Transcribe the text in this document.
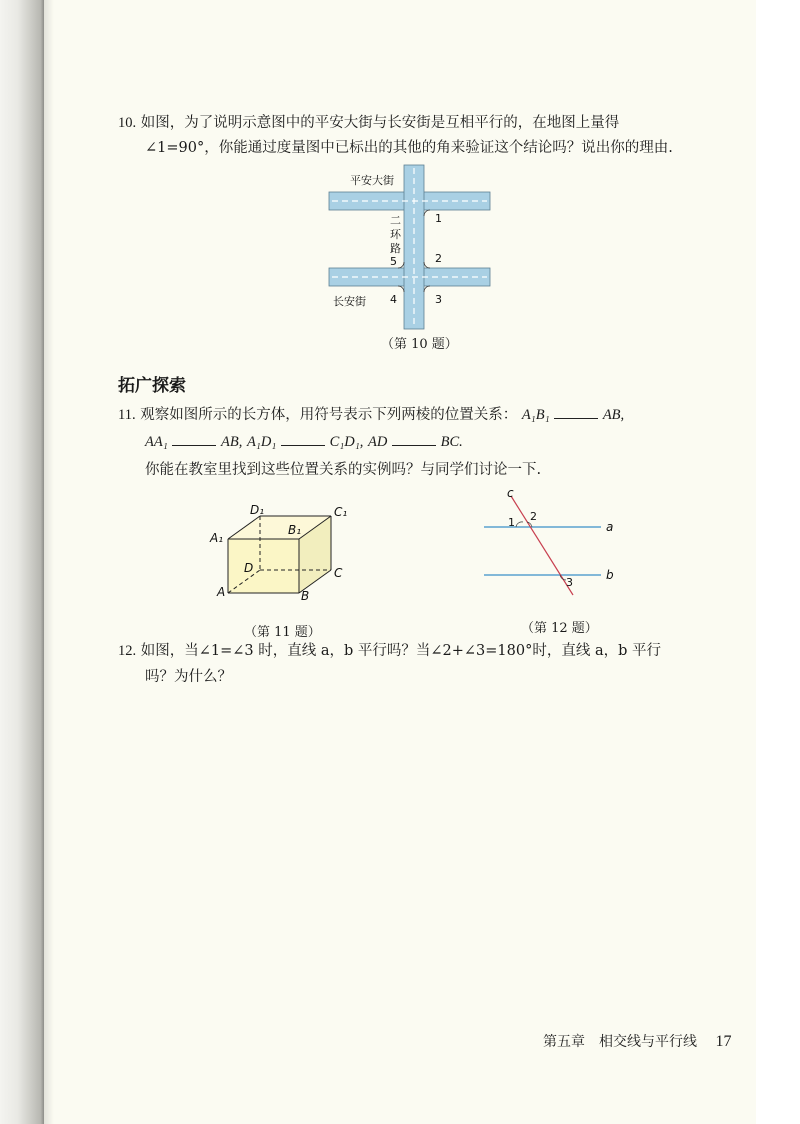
10. 如图，为了说明示意图中的平安大街与长安街是互相平行的，在地图上量得
∠1=90°，你能通过度量图中已标出的其他的角来验证这个结论吗？说出你的理由.
平安大街
二
环
路
长安街
1
2
3
4
5
D₁	C₁
A₁
B₁
D	C
A	B
c
1 2
a
b
3
（第 10 题）
拓广探索
11. 观察如图所示的长方体，用符号表示下列两棱的位置关系： A₁B₁	AB,
AA₁	AB, A₁D₁	C₁D₁, AD	BC.
你能在教室里找到这些位置关系的实例吗？与同学们讨论一下.
（第 11 题）	（第 12 题）
12. 如图，当∠1=∠3 时，直线 a，b 平行吗？当∠2+∠3=180°时，直线 a，b 平行
吗？为什么？
第五章　相交线与平行线 17
